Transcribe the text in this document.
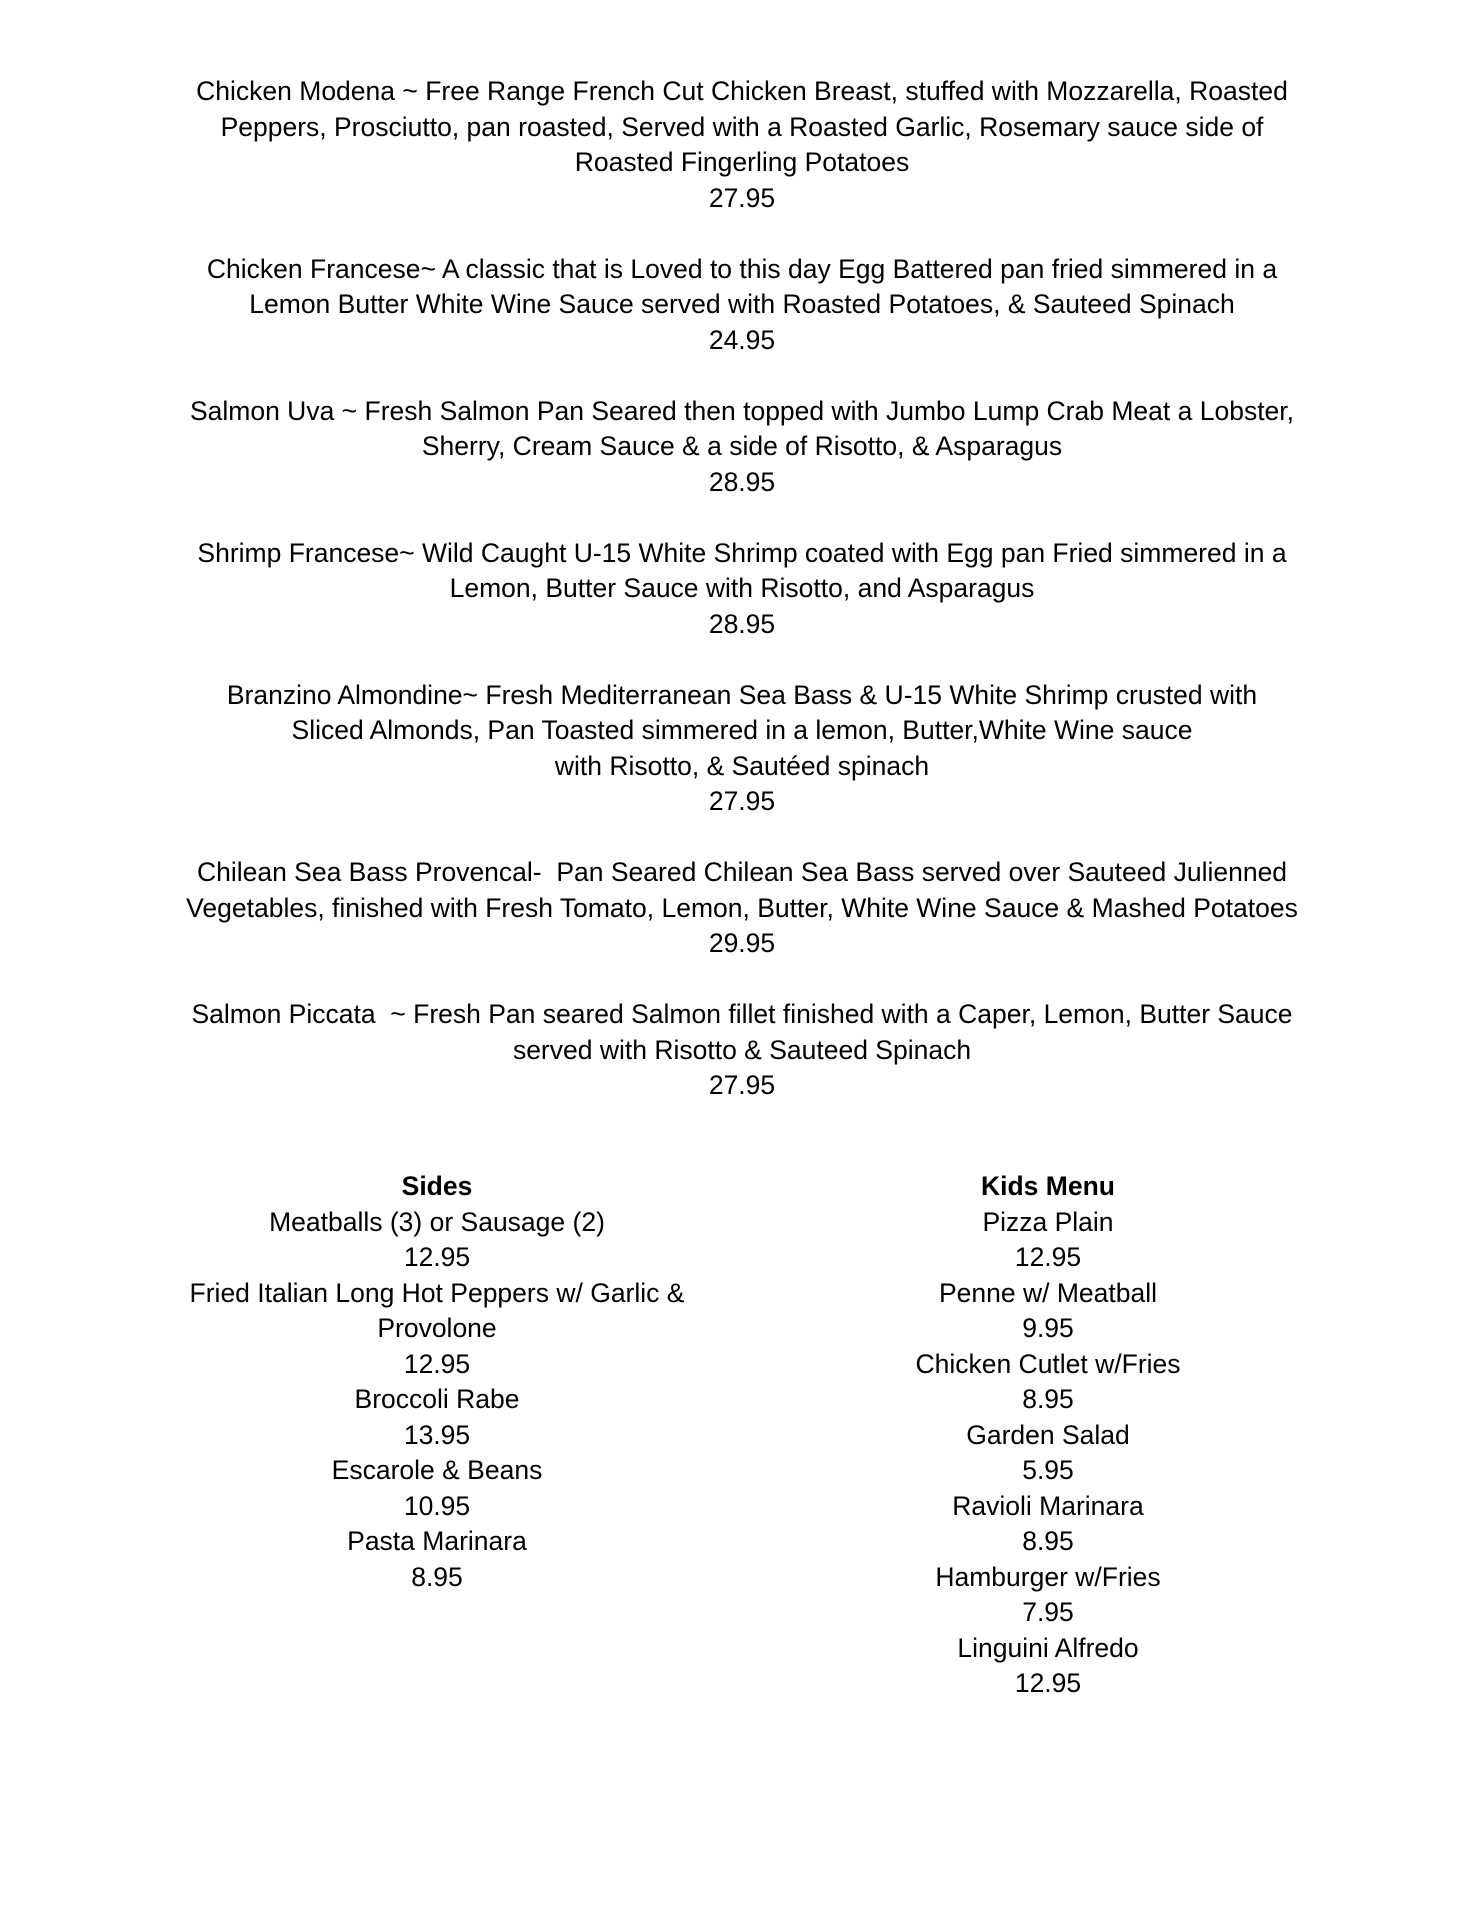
Chicken Modena ~ Free Range French Cut Chicken Breast, stuffed with Mozzarella, Roasted
Peppers, Prosciutto, pan roasted, Served with a Roasted Garlic, Rosemary sauce side of
Roasted Fingerling Potatoes
27.95
Chicken Francese~ A classic that is Loved to this day Egg Battered pan fried simmered in a
Lemon Butter White Wine Sauce served with Roasted Potatoes, & Sauteed Spinach
24.95
Salmon Uva ~ Fresh Salmon Pan Seared then topped with Jumbo Lump Crab Meat a Lobster,
Sherry, Cream Sauce & a side of Risotto, & Asparagus
28.95
Shrimp Francese~ Wild Caught U-15 White Shrimp coated with Egg pan Fried simmered in a
Lemon, Butter Sauce with Risotto, and Asparagus
28.95
Branzino Almondine~ Fresh Mediterranean Sea Bass & U-15 White Shrimp crusted with
Sliced Almonds, Pan Toasted simmered in a lemon, Butter,White Wine sauce
with Risotto, & Sautéed spinach
27.95
Chilean Sea Bass Provencal-  Pan Seared Chilean Sea Bass served over Sauteed Julienned
Vegetables, finished with Fresh Tomato, Lemon, Butter, White Wine Sauce & Mashed Potatoes
29.95
Salmon Piccata  ~ Fresh Pan seared Salmon fillet finished with a Caper, Lemon, Butter Sauce
served with Risotto & Sauteed Spinach
27.95
Sides
Meatballs (3) or Sausage (2)
12.95
Fried Italian Long Hot Peppers w/ Garlic &
Provolone
12.95
Broccoli Rabe
13.95
Escarole & Beans
10.95
Pasta Marinara
8.95
Kids Menu
Pizza Plain
12.95
Penne w/ Meatball
9.95
Chicken Cutlet w/Fries
8.95
Garden Salad
5.95
Ravioli Marinara
8.95
Hamburger w/Fries
7.95
Linguini Alfredo
12.95
